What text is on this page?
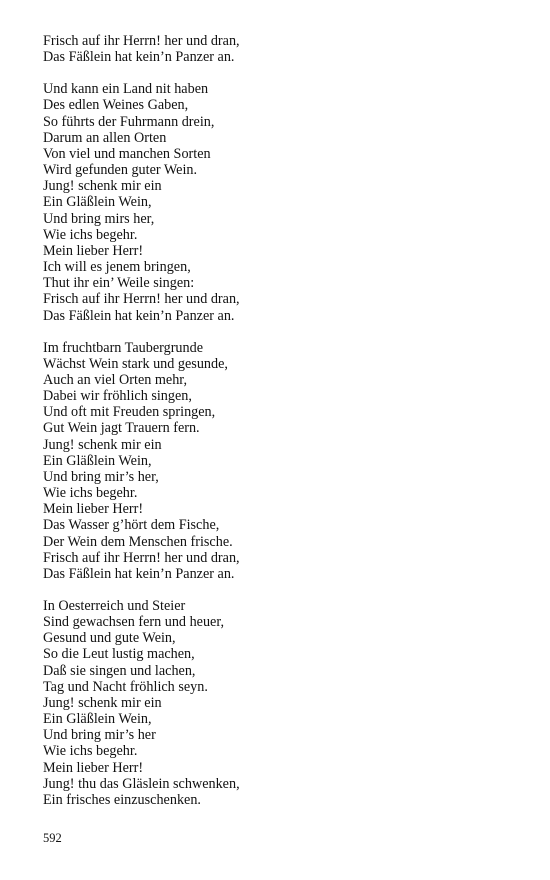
Frisch auf ihr Herrn! her und dran,
Das Fäßlein hat kein’n Panzer an.
Und kann ein Land nit haben
Des edlen Weines Gaben,
So führts der Fuhrmann drein,
Darum an allen Orten
Von viel und manchen Sorten
Wird gefunden guter Wein.
Jung! schenk mir ein
Ein Gläßlein Wein,
Und bring mirs her,
Wie ichs begehr.
Mein lieber Herr!
Ich will es jenem bringen,
Thut ihr ein’ Weile singen:
Frisch auf ihr Herrn! her und dran,
Das Fäßlein hat kein’n Panzer an.
Im fruchtbarn Taubergrunde
Wächst Wein stark und gesunde,
Auch an viel Orten mehr,
Dabei wir fröhlich singen,
Und oft mit Freuden springen,
Gut Wein jagt Trauern fern.
Jung! schenk mir ein
Ein Gläßlein Wein,
Und bring mir’s her,
Wie ichs begehr.
Mein lieber Herr!
Das Wasser g’hört dem Fische,
Der Wein dem Menschen frische.
Frisch auf ihr Herrn! her und dran,
Das Fäßlein hat kein’n Panzer an.
In Oesterreich und Steier
Sind gewachsen fern und heuer,
Gesund und gute Wein,
So die Leut lustig machen,
Daß sie singen und lachen,
Tag und Nacht fröhlich seyn.
Jung! schenk mir ein
Ein Gläßlein Wein,
Und bring mir’s her
Wie ichs begehr.
Mein lieber Herr!
Jung! thu das Gläslein schwenken,
Ein frisches einzuschenken.
592
